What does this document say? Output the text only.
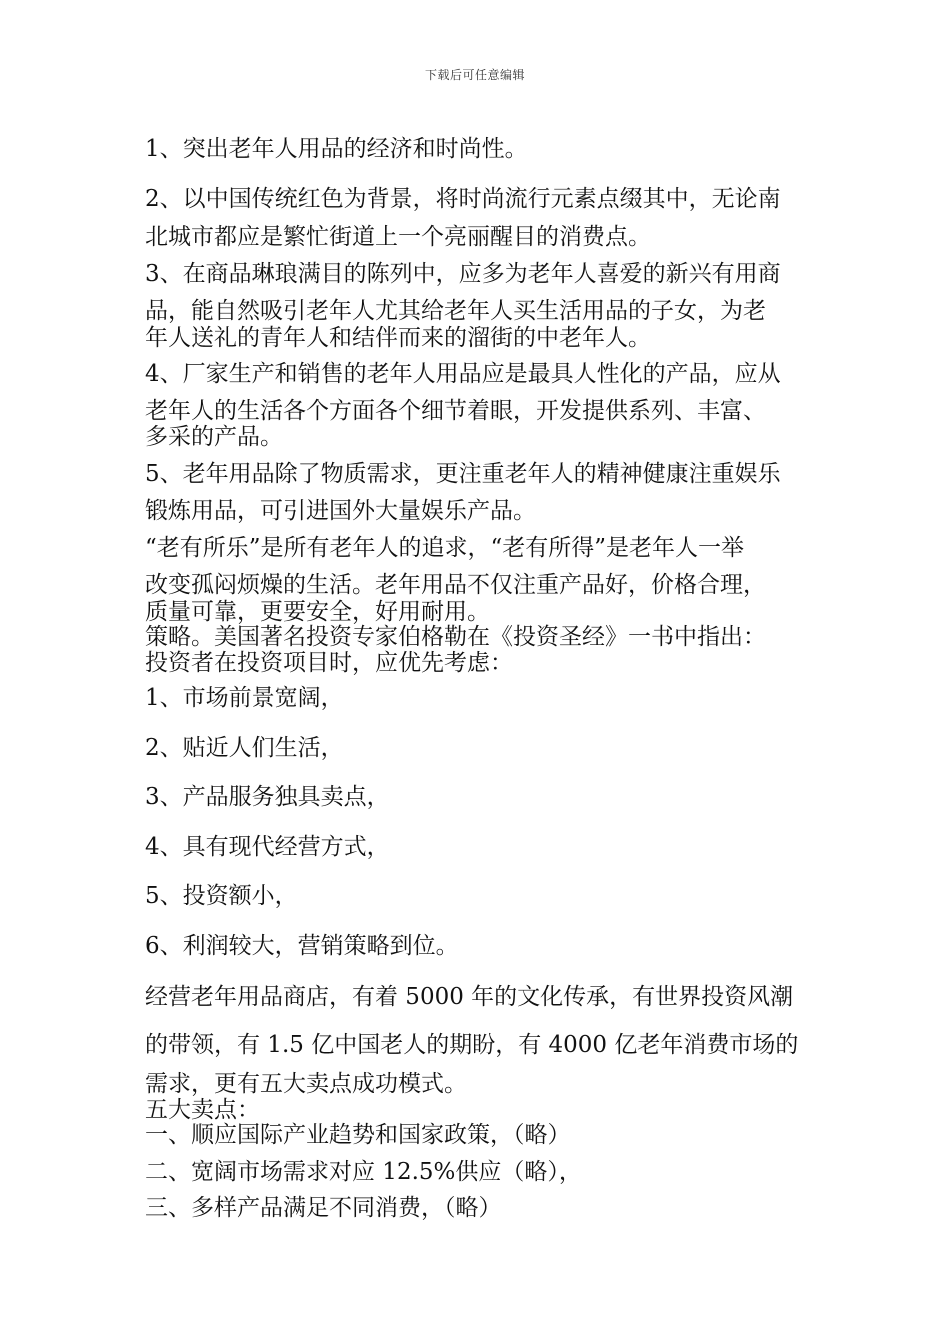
下载后可任意编辑
1、突出老年人用品的经济和时尚性。
2、以中国传统红色为背景，将时尚流行元素点缀其中，无论南
北城市都应是繁忙街道上一个亮丽醒目的消费点。
3、在商品琳琅满目的陈列中，应多为老年人喜爱的新兴有用商
品，能自然吸引老年人尤其给老年人买生活用品的子女，为老
年人送礼的青年人和结伴而来的溜街的中老年人。
4、厂家生产和销售的老年人用品应是最具人性化的产品，应从
老年人的生活各个方面各个细节着眼，开发提供系列、丰富、
多采的产品。
5、老年用品除了物质需求，更注重老年人的精神健康注重娱乐
锻炼用品，可引进国外大量娱乐产品。
“老有所乐”是所有老年人的追求，“老有所得”是老年人一举
改变孤闷烦燥的生活。老年用品不仅注重产品好，价格合理，
质量可靠，更要安全，好用耐用。
策略。美国著名投资专家伯格勒在《投资圣经》一书中指出：
投资者在投资项目时，应优先考虑：
1、市场前景宽阔，
2、贴近人们生活，
3、产品服务独具卖点，
4、具有现代经营方式，
5、投资额小，
6、利润较大，营销策略到位。
经营老年用品商店，有着 5000 年的文化传承，有世界投资风潮
的带领，有 1.5 亿中国老人的期盼，有 4000 亿老年消费市场的
需求，更有五大卖点成功模式。
五大卖点：
一、顺应国际产业趋势和国家政策，（略）
二、宽阔市场需求对应 12.5%供应（略），
三、多样产品满足不同消费，（略）
